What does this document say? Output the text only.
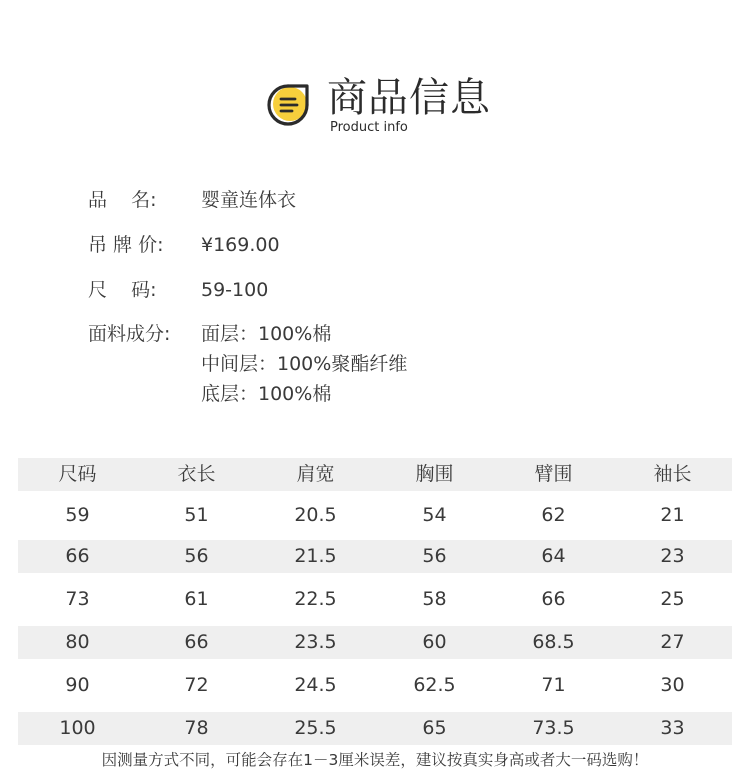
商品信息
Product info
品    名: 婴童连体衣
吊 牌 价: ¥169.00
尺    码: 59-100
面料成分:	面层：100%棉
中间层：100%聚酯纤维
底层：100%棉
尺码	衣长	肩宽	胸围	臂围	袖长
59	51	20.5	54	62	21
66	56	21.5	56	64	23
73	61	22.5	58	66	25
80	66	23.5	60	68.5	27
90	72	24.5	62.5	71	30
100	78	25.5	65	73.5	33
因测量方式不同，可能会存在1－3厘米误差，建议按真实身高或者大一码选购！
